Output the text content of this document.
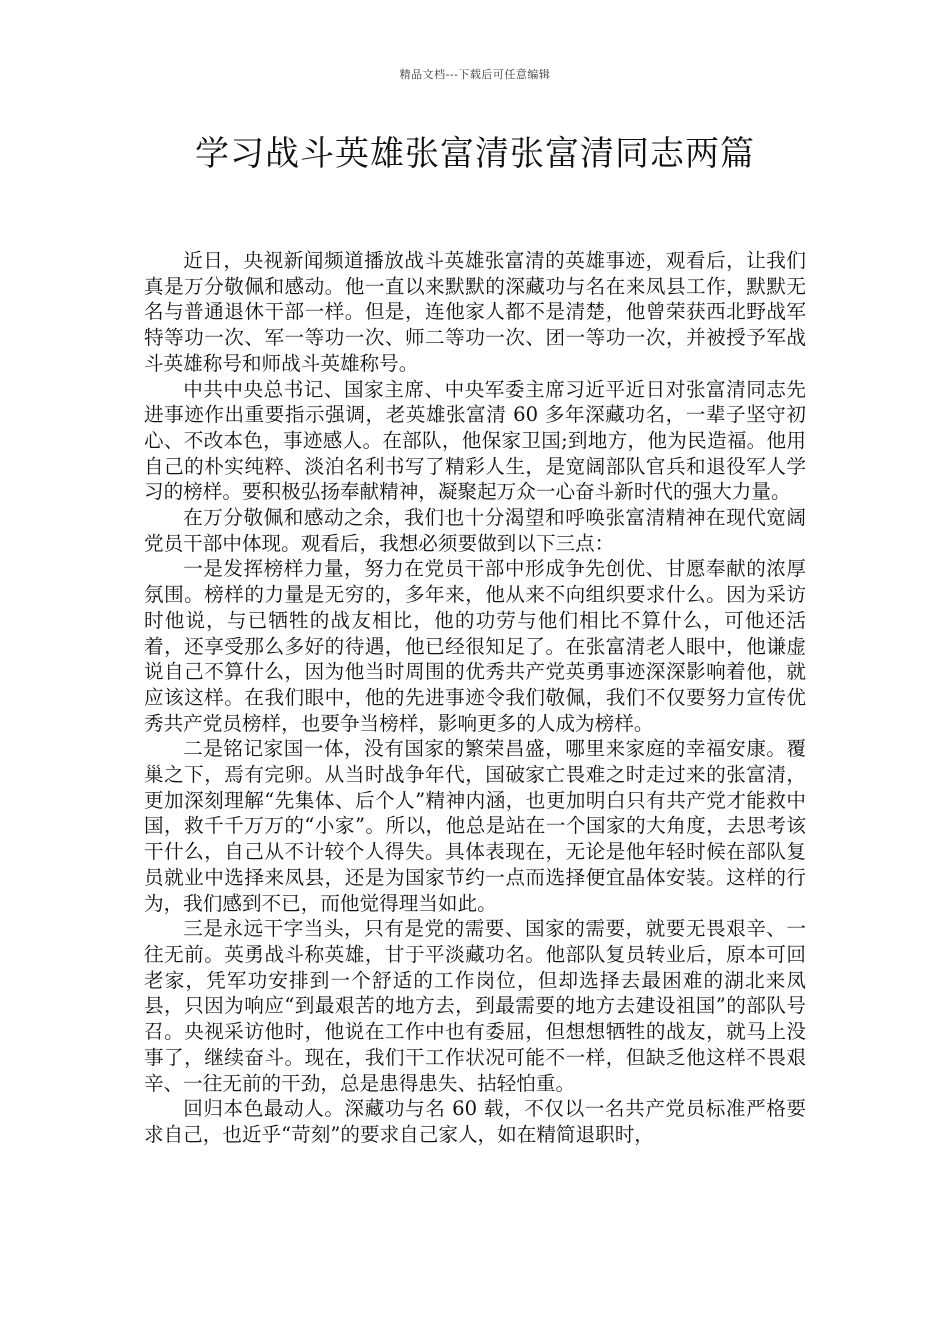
精品文档---下载后可任意编辑
学习战斗英雄张富清张富清同志两篇

近日，央视新闻频道播放战斗英雄张富清的英雄事迹，观看后，让我们真是万分敬佩和感动。他一直以来默默的深藏功与名在来凤县工作，默默无名与普通退休干部一样。但是，连他家人都不是清楚，他曾荣获西北野战军特等功一次、军一等功一次、师二等功一次、团一等功一次，并被授予军战斗英雄称号和师战斗英雄称号。

中共中央总书记、国家主席、中央军委主席习近平近日对张富清同志先进事迹作出重要指示强调，老英雄张富清 60 多年深藏功名，一辈子坚守初心、不改本色，事迹感人。在部队，他保家卫国;到地方，他为民造福。他用自己的朴实纯粹、淡泊名利书写了精彩人生，是宽阔部队官兵和退役军人学习的榜样。要积极弘扬奉献精神，凝聚起万众一心奋斗新时代的强大力量。

在万分敬佩和感动之余，我们也十分渴望和呼唤张富清精神在现代宽阔党员干部中体现。观看后，我想必须要做到以下三点：

一是发挥榜样力量，努力在党员干部中形成争先创优、甘愿奉献的浓厚氛围。榜样的力量是无穷的，多年来，他从来不向组织要求什么。因为采访时他说，与已牺牲的战友相比，他的功劳与他们相比不算什么，可他还活着，还享受那么多好的待遇，他已经很知足了。在张富清老人眼中，他谦虚说自己不算什么，因为他当时周围的优秀共产党英勇事迹深深影响着他，就应该这样。在我们眼中，他的先进事迹令我们敬佩，我们不仅要努力宣传优秀共产党员榜样，也要争当榜样，影响更多的人成为榜样。

二是铭记家国一体，没有国家的繁荣昌盛，哪里来家庭的幸福安康。覆巢之下，焉有完卵。从当时战争年代，国破家亡畏难之时走过来的张富清，更加深刻理解“先集体、后个人”精神内涵，也更加明白只有共产党才能救中国，救千千万万的“小家”。所以，他总是站在一个国家的大角度，去思考该干什么，自己从不计较个人得失。具体表现在，无论是他年轻时候在部队复员就业中选择来凤县，还是为国家节约一点而选择便宜晶体安装。这样的行为，我们感到不已，而他觉得理当如此。

三是永远干字当头，只有是党的需要、国家的需要，就要无畏艰辛、一往无前。英勇战斗称英雄，甘于平淡藏功名。他部队复员转业后，原本可回老家，凭军功安排到一个舒适的工作岗位，但却选择去最困难的湖北来凤县，只因为响应“到最艰苦的地方去，到最需要的地方去建设祖国”的部队号召。央视采访他时，他说在工作中也有委屈，但想想牺牲的战友，就马上没事了，继续奋斗。现在，我们干工作状况可能不一样，但缺乏他这样不畏艰辛、一往无前的干劲，总是患得患失、拈轻怕重。

回归本色最动人。深藏功与名 60 载，不仅以一名共产党员标准严格要求自己，也近乎“苛刻”的要求自己家人，如在精简退职时，
